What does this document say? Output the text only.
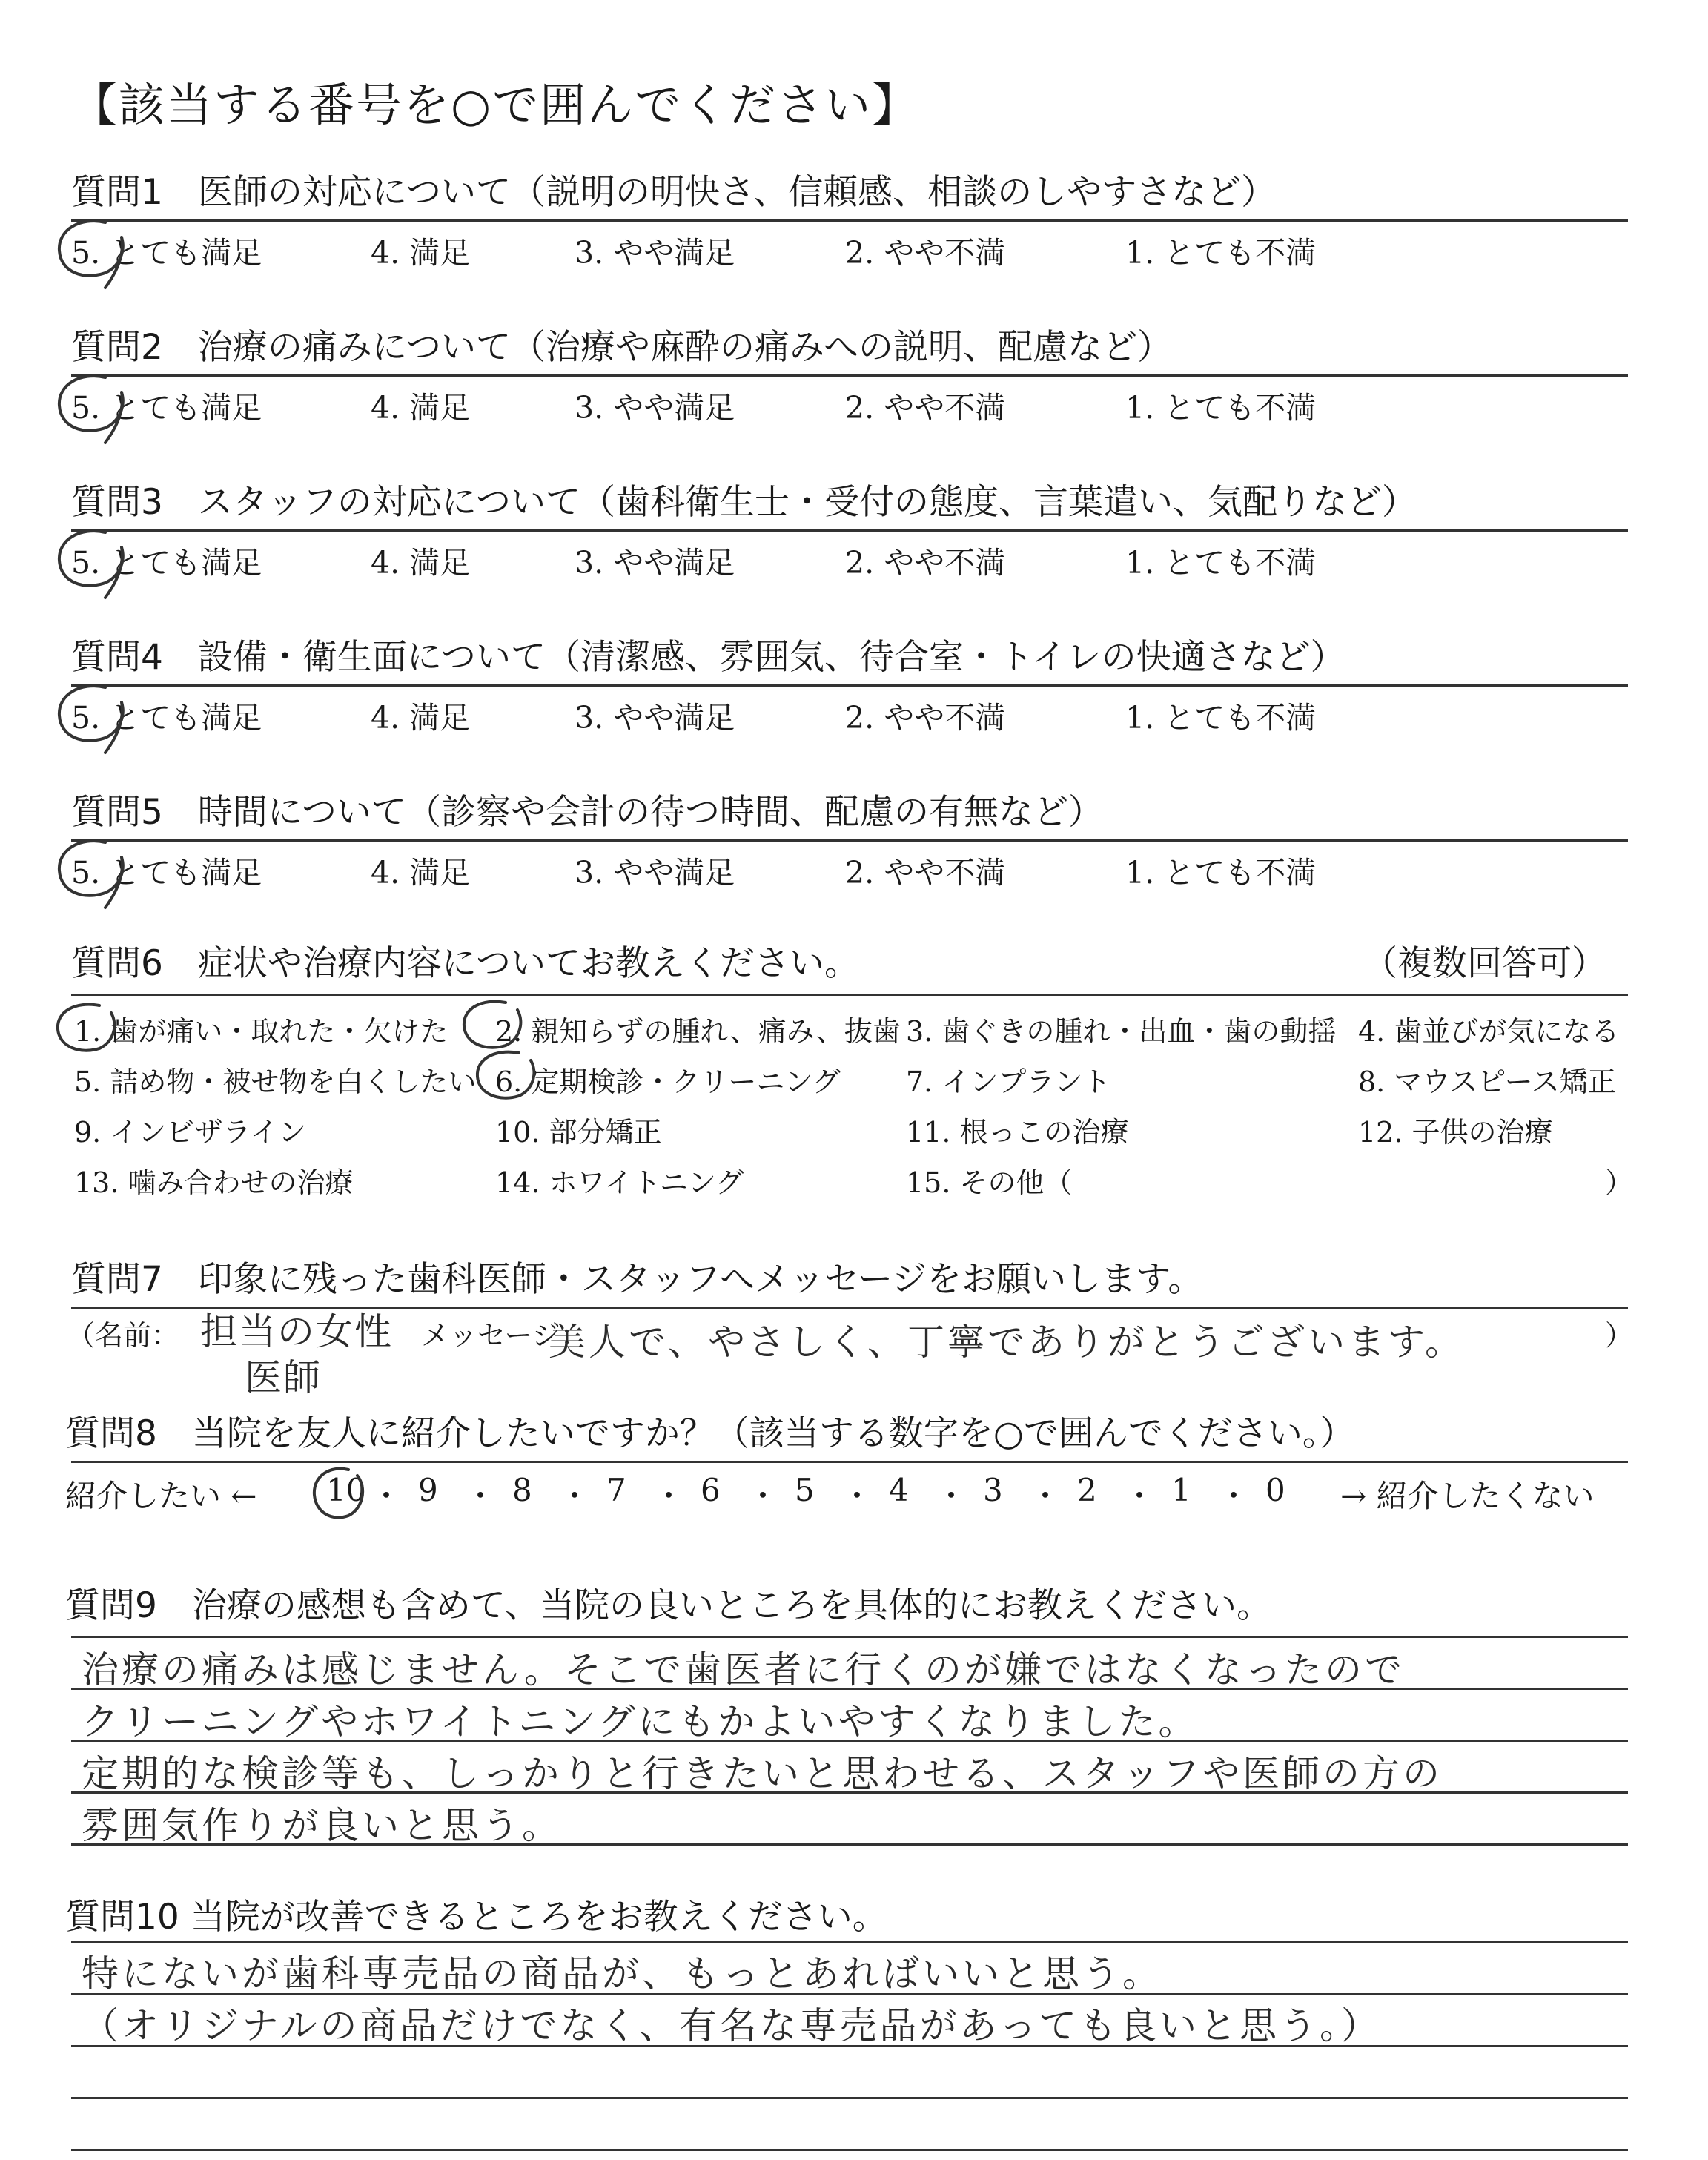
【該当する番号を○で囲んでください】
質問1　医師の対応について（説明の明快さ、信頼感、相談のしやすさなど）
5. とても満足	4. 満足	3. やや満足	2. やや不満	1. とても不満
質問2　治療の痛みについて（治療や麻酔の痛みへの説明、配慮など）
5. とても満足	4. 満足	3. やや満足	2. やや不満	1. とても不満
質問3　スタッフの対応について（歯科衛生士・受付の態度、言葉遣い、気配りなど）
5. とても満足	4. 満足	3. やや満足	2. やや不満	1. とても不満
質問4　設備・衛生面について（清潔感、雰囲気、待合室・トイレの快適さなど）
5. とても満足	4. 満足	3. やや満足	2. やや不満	1. とても不満
質問5　時間について（診察や会計の待つ時間、配慮の有無など）
5. とても満足	4. 満足	3. やや満足	2. やや不満	1. とても不満
質問6　症状や治療内容についてお教えください。	（複数回答可）
1. 歯が痛い・取れた・欠けた 2. 親知らずの腫れ、痛み、抜歯 3. 歯ぐきの腫れ・出血・歯の動揺 4. 歯並びが気になる
5. 詰め物・被せ物を白くしたい 6. 定期検診・クリーニング 7. インプラント	8. マウスピース矯正
9. インビザライン	10. 部分矯正	11. 根っこの治療	12. 子供の治療
13. 噛み合わせの治療	14. ホワイトニング	15. その他（	）
質問7　印象に残った歯科医師・スタッフへメッセージをお願いします。
（名前： 担当の女性
医師
メッセージ：
美人で、やさしく、丁寧でありがとうございます。	）
質問8　当院を友人に紹介したいですか？（該当する数字を○で囲んでください。）
紹介したい ← 10 ・ 9 ・ 8 ・ 7 ・ 6 ・ 5 ・ 4 ・ 3 ・ 2 ・ 1 ・ 0 → 紹介したくない
質問9　治療の感想も含めて、当院の良いところを具体的にお教えください。
治療の痛みは感じません。そこで歯医者に行くのが嫌ではなくなったので
クリーニングやホワイトニングにもかよいやすくなりました。
定期的な検診等も、しっかりと行きたいと思わせる、スタッフや医師の方の
雰囲気作りが良いと思う。
質問10 当院が改善できるところをお教えください。
特にないが歯科専売品の商品が、もっとあればいいと思う。
（オリジナルの商品だけでなく、有名な専売品があっても良いと思う。）
